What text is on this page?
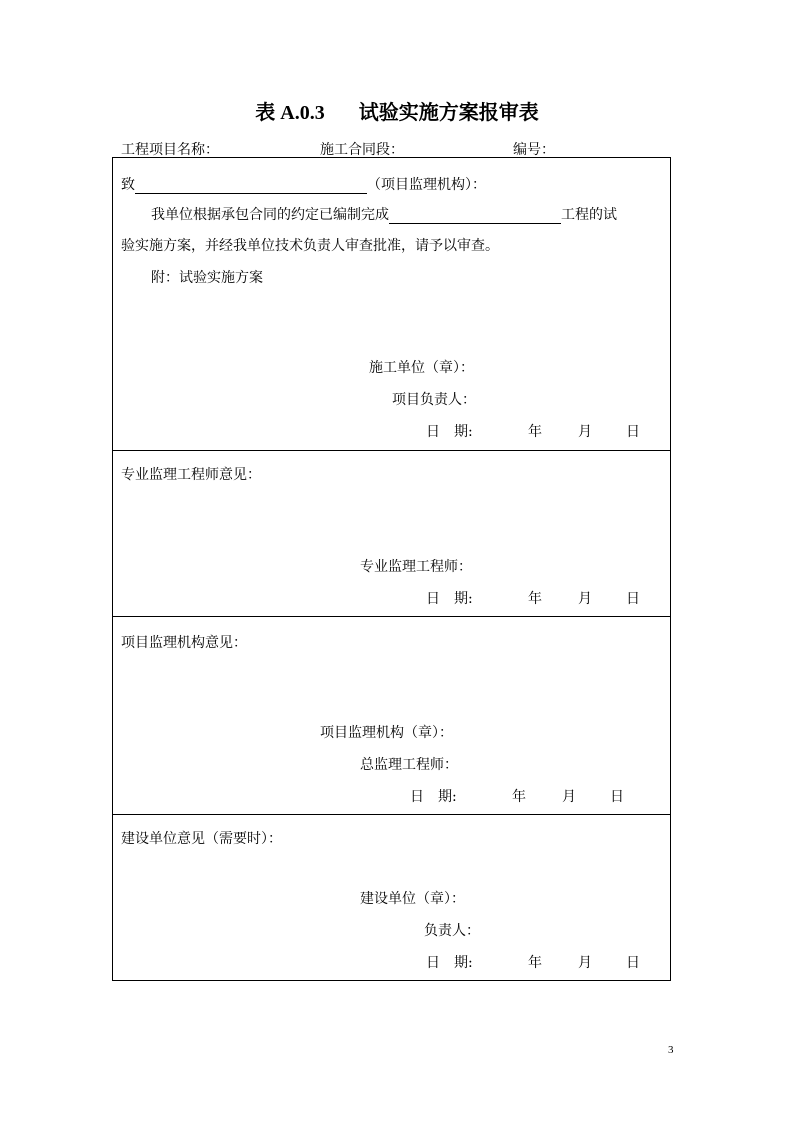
表 A.0.3 试验实施方案报审表
工程项目名称：	施工合同段：	编号：
致	（项目监理机构）：
我单位根据承包合同的约定已编制完成	工程的试
验实施方案，并经我单位技术负责人审查批准，请予以审查。
附：试验实施方案
施工单位（章）：
项目负责人：
日　期:	年	月 日
专业监理工程师意见：
专业监理工程师：
日　期:	年	月 日
项目监理机构意见：
项目监理机构（章）：
总监理工程师：
日　期:	年	月 日
建设单位意见（需要时）：
建设单位（章）：
负责人：
日　期:	年	月 日
3
